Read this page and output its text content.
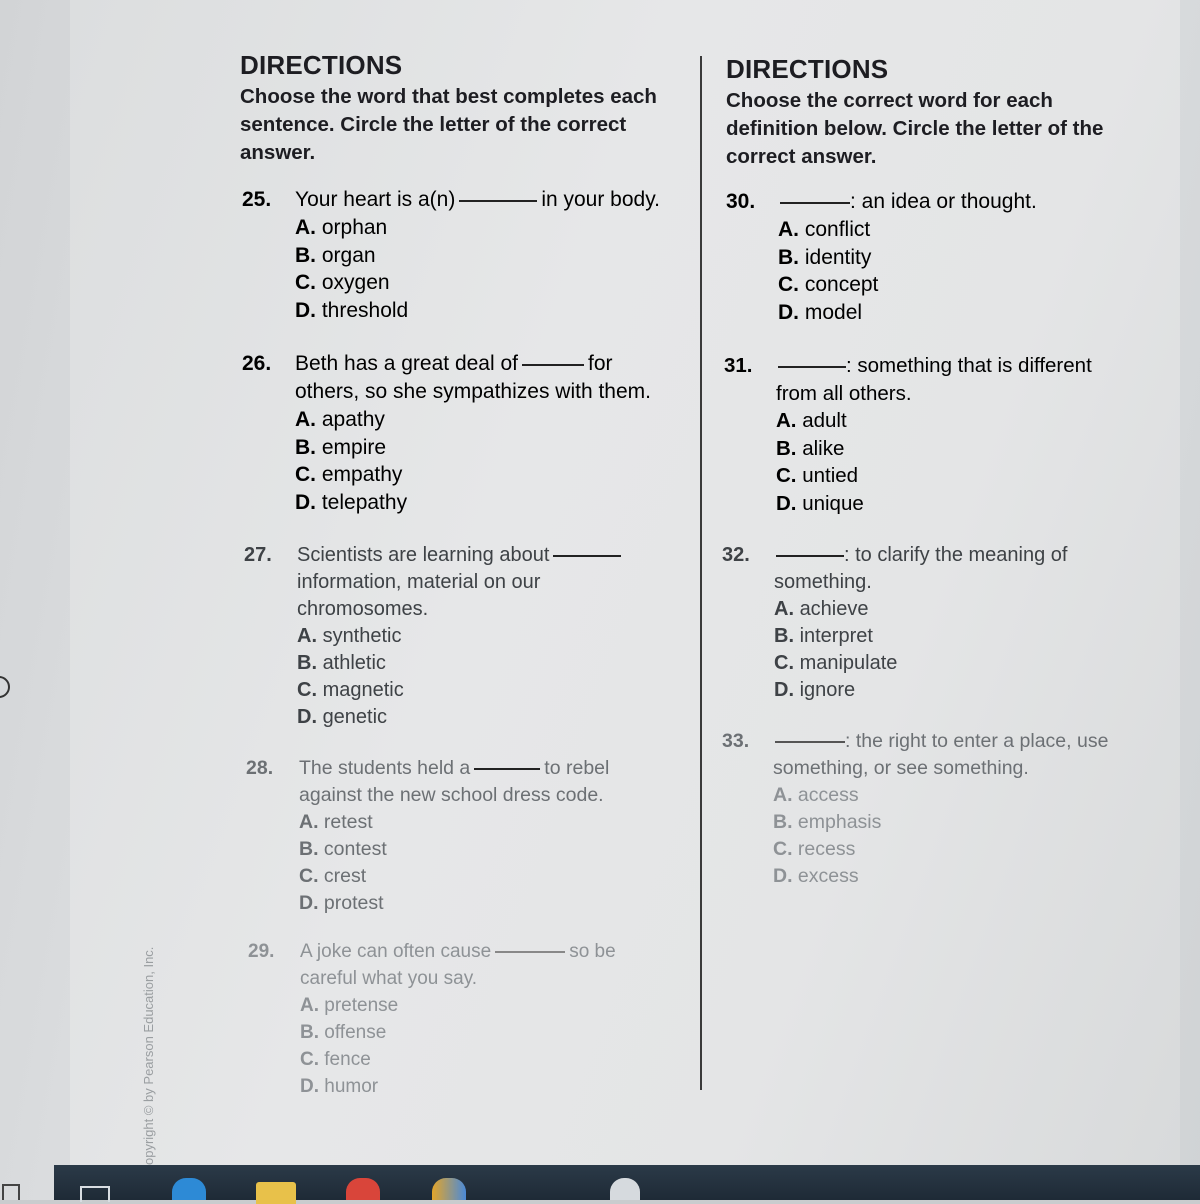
DIRECTIONS

Choose the word that best completes each
sentence. Circle the letter of the correct
answer.

25. Your heart is a(n)	in your body.
A. orphan
B. organ
C. oxygen
D. threshold
26. Beth has a great deal of	for
others, so she sympathizes with them.
A. apathy
B. empire
C. empathy
D. telepathy
27. Scientists are learning about
information, material on our
chromosomes.
A. synthetic
B. athletic
C. magnetic
D. genetic
28. The students held a	to rebel
against the new school dress code.
A. retest
B. contest
C. crest
D. protest
29. A joke can often cause	so be
careful what you say.
A. pretense
B. offense
C. fence
D. humor
DIRECTIONS

Choose the correct word for each
definition below. Circle the letter of the
correct answer.

30.	: an idea or thought.
A. conflict
B. identity
C. concept
D. model
31.	: something that is different
from all others.
A. adult
B. alike
C. untied
D. unique
32.	: to clarify the meaning of
something.
A. achieve
B. interpret
C. manipulate
D. ignore
33.	: the right to enter a place, use
something, or see something.
A. access
B. emphasis
C. recess
D. excess
opyright © by Pearson Education, Inc.
